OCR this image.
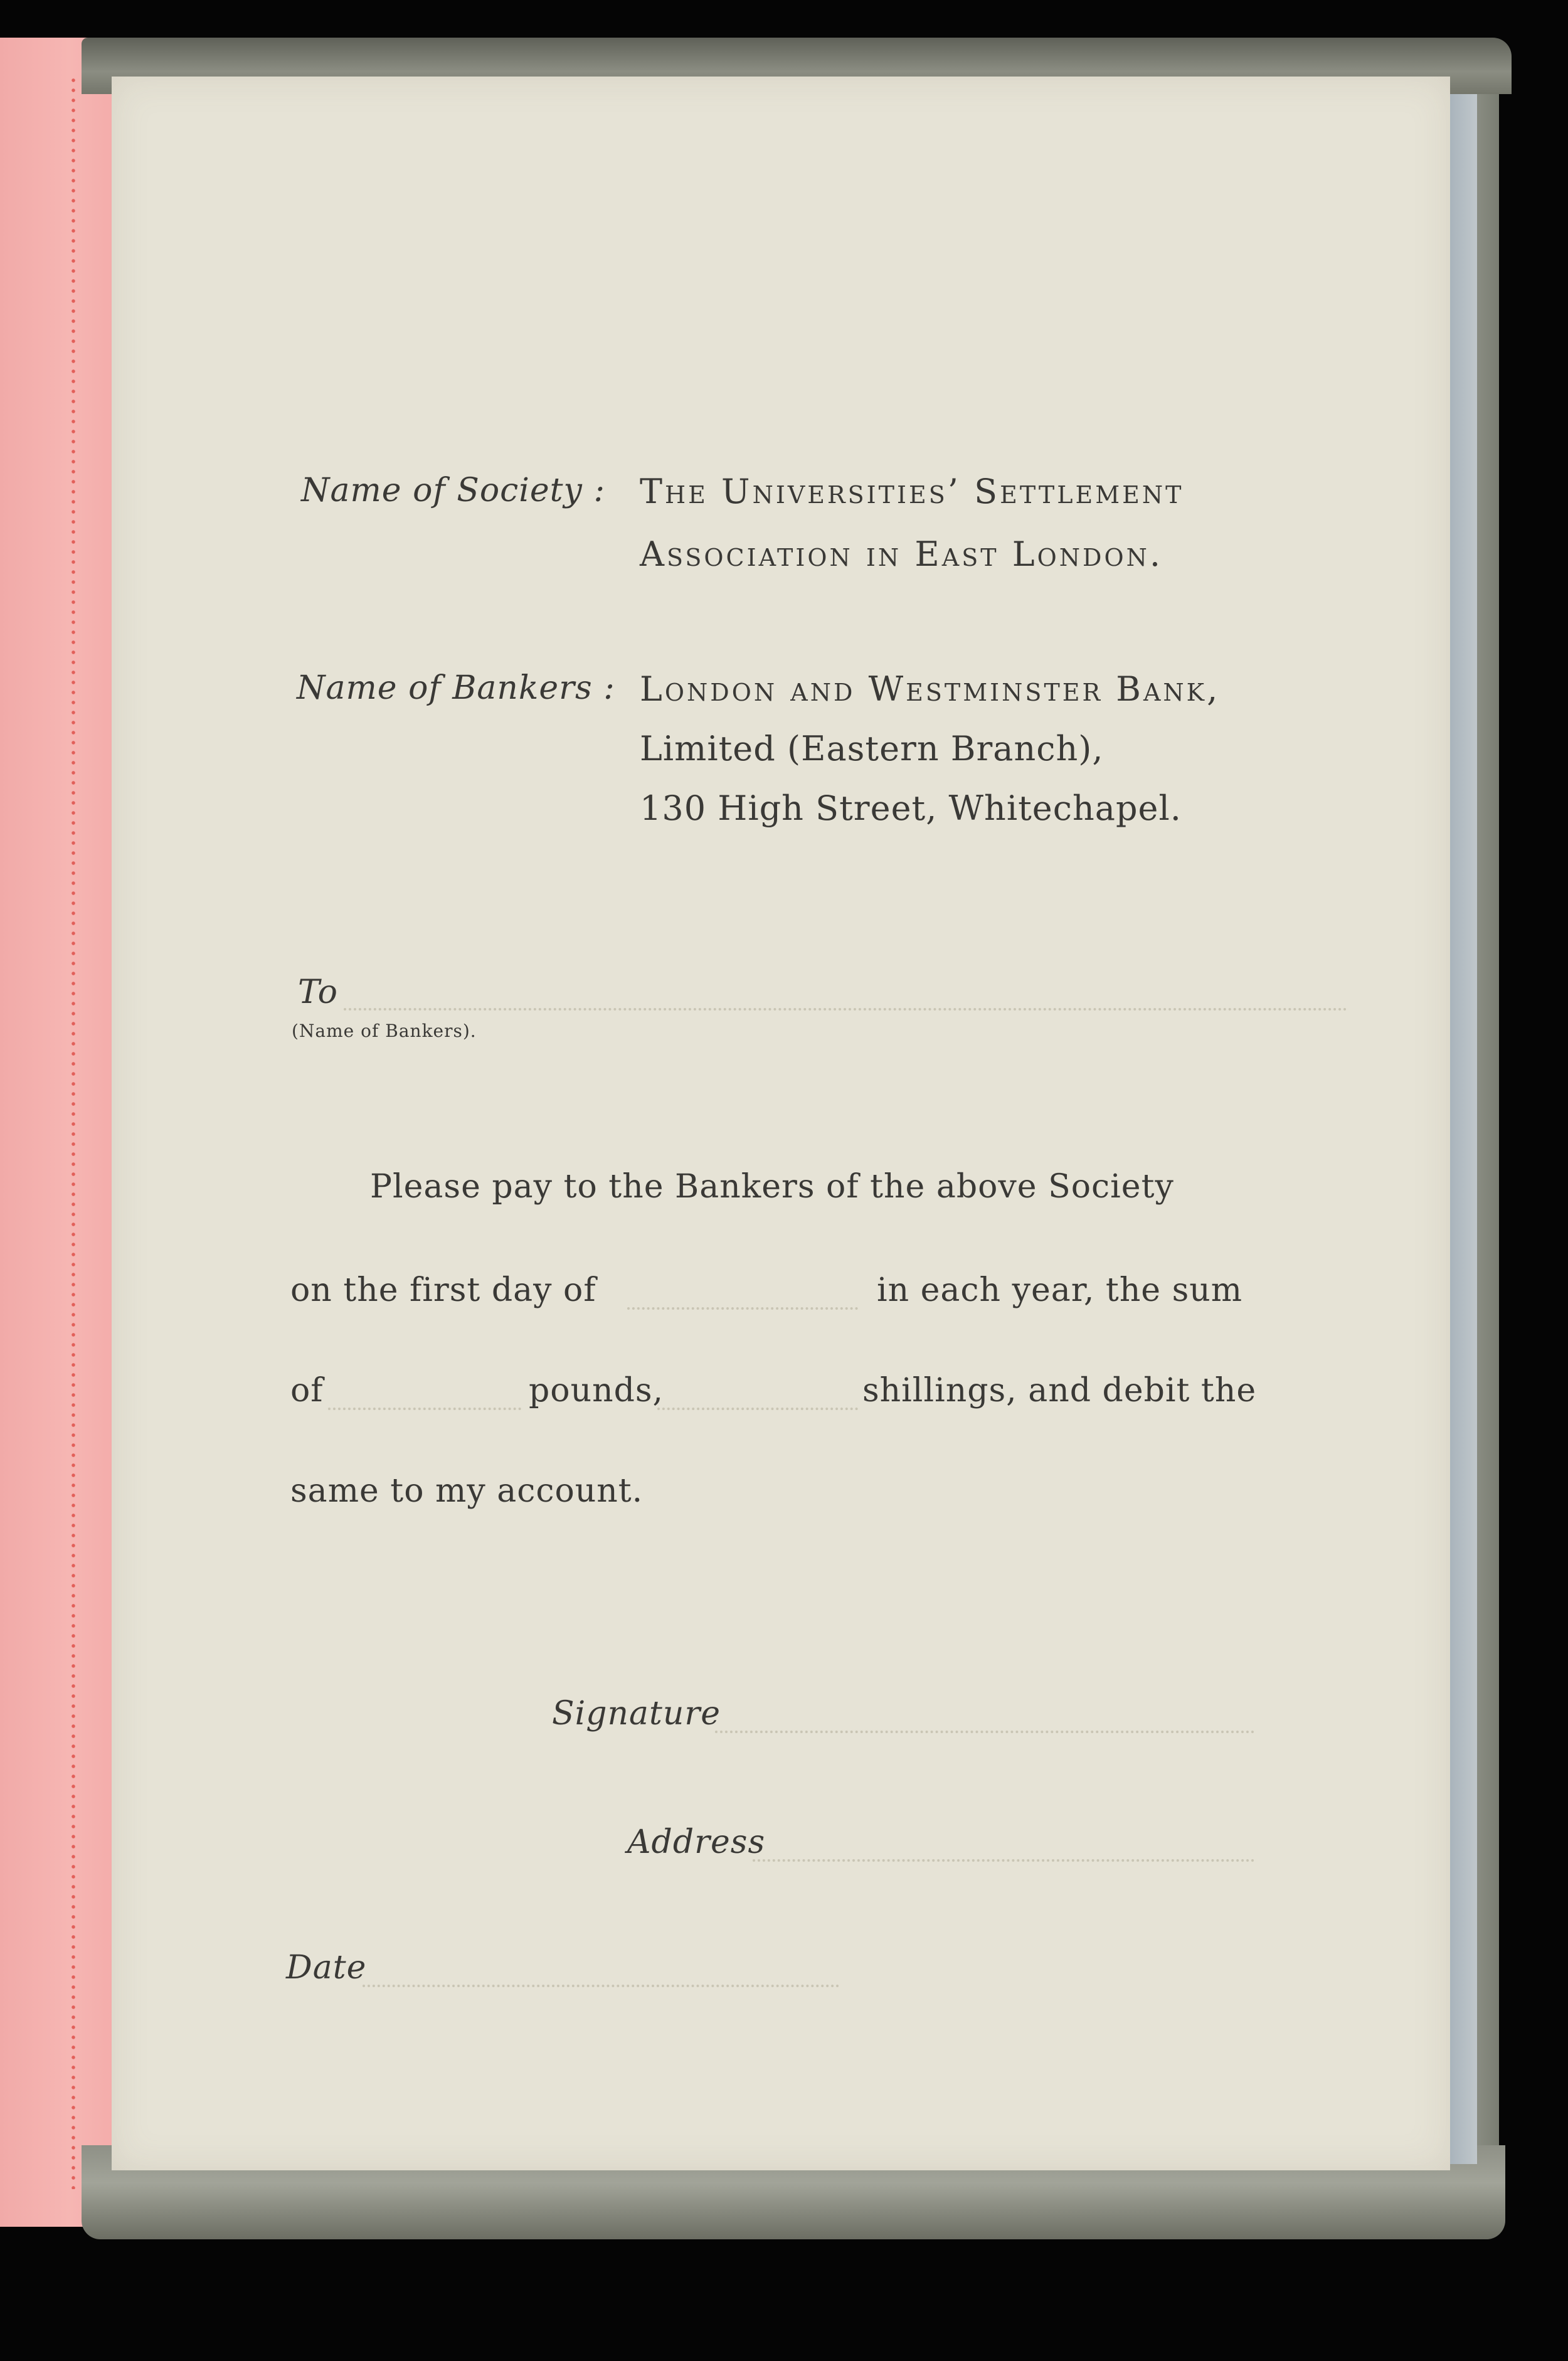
Name of Society : The Universities’ Settlement
Association in East London.
Name of Bankers : London and Westminster Bank,
Limited (Eastern Branch),
130 High Street, Whitechapel.
To
(Name of Bankers).
Please pay to the Bankers of the above Society
on the first day of	in each year, the sum
of	pounds,	shillings, and debit the
same to my account.
Signature
Address
Date
